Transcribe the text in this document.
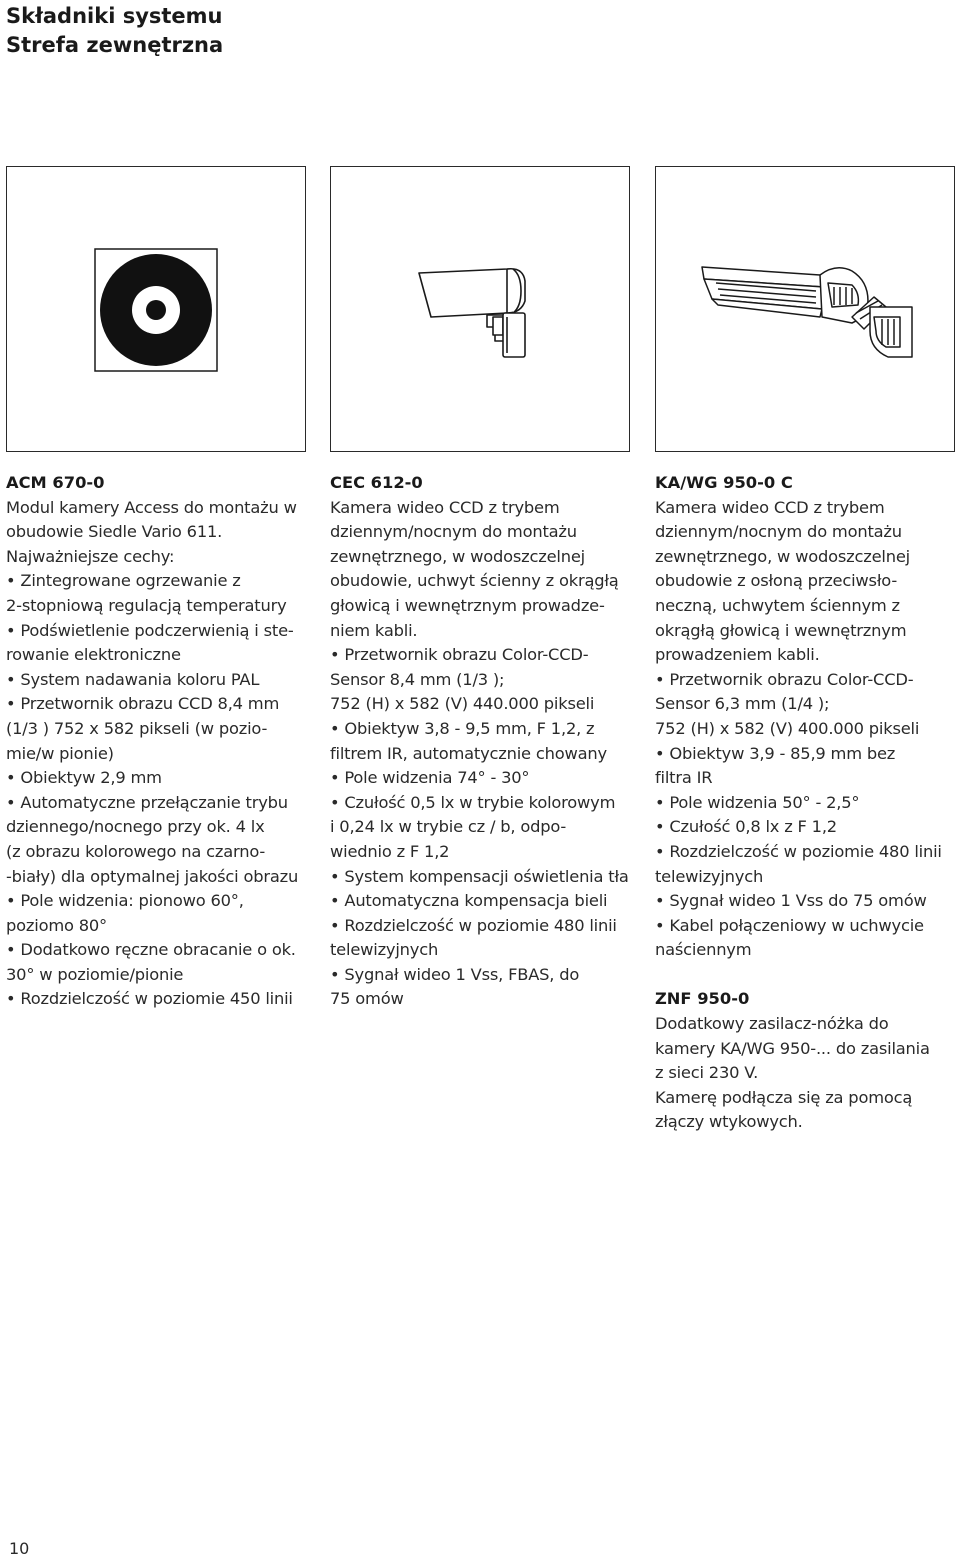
Składniki systemu
Strefa zewnętrzna
ACM 670-0
Modul kamery Access do montażu w
obudowie Siedle Vario 611.
Najważniejsze cechy:
• Zintegrowane ogrzewanie z
2-stopniową regulacją temperatury
• Podświetlenie podczerwienią i ste-
rowanie elektroniczne
• System nadawania koloru PAL
• Przetwornik obrazu CCD 8,4 mm
(1/3 ) 752 x 582 pikseli (w pozio-
mie/w pionie)
• Obiektyw 2,9 mm
• Automatyczne przełączanie trybu
dziennego/nocnego przy ok. 4 lx
(z obrazu kolorowego na czarno-
-biały) dla optymalnej jakości obrazu
• Pole widzenia: pionowo 60°,
poziomo 80°
• Dodatkowo ręczne obracanie o ok.
30° w poziomie/pionie
• Rozdzielczość w poziomie 450 linii
CEC 612-0
Kamera wideo CCD z trybem
dziennym/nocnym do montażu
zewnętrznego, w wodoszczelnej
obudowie, uchwyt ścienny z okrągłą
głowicą i wewnętrznym prowadze-
niem kabli.
• Przetwornik obrazu Color-CCD-
Sensor 8,4 mm (1/3 );
752 (H) x 582 (V) 440.000 pikseli
• Obiektyw 3,8 - 9,5 mm, F 1,2, z
filtrem IR, automatycznie chowany
• Pole widzenia 74° - 30°
• Czułość 0,5 lx w trybie kolorowym
i 0,24 lx w trybie cz / b, odpo-
wiednio z F 1,2
• System kompensacji oświetlenia tła
• Automatyczna kompensacja bieli
• Rozdzielczość w poziomie 480 linii
telewizyjnych
• Sygnał wideo 1 Vss, FBAS, do
75 omów
KA/WG 950-0 C
Kamera wideo CCD z trybem
dziennym/nocnym do montażu
zewnętrznego, w wodoszczelnej
obudowie z osłoną przeciwsło-
neczną, uchwytem ściennym z
okrągłą głowicą i wewnętrznym
prowadzeniem kabli.
• Przetwornik obrazu Color-CCD-
Sensor 6,3 mm (1/4 );
752 (H) x 582 (V) 400.000 pikseli
• Obiektyw 3,9 - 85,9 mm bez
filtra IR
• Pole widzenia 50° - 2,5°
• Czułość 0,8 lx z F 1,2
• Rozdzielczość w poziomie 480 linii
telewizyjnych
• Sygnał wideo 1 Vss do 75 omów
• Kabel połączeniowy w uchwycie
naściennym
ZNF 950-0
Dodatkowy zasilacz-nóżka do
kamery KA/WG 950-... do zasilania
z sieci 230 V.
Kamerę podłącza się za pomocą
złączy wtykowych.
10
